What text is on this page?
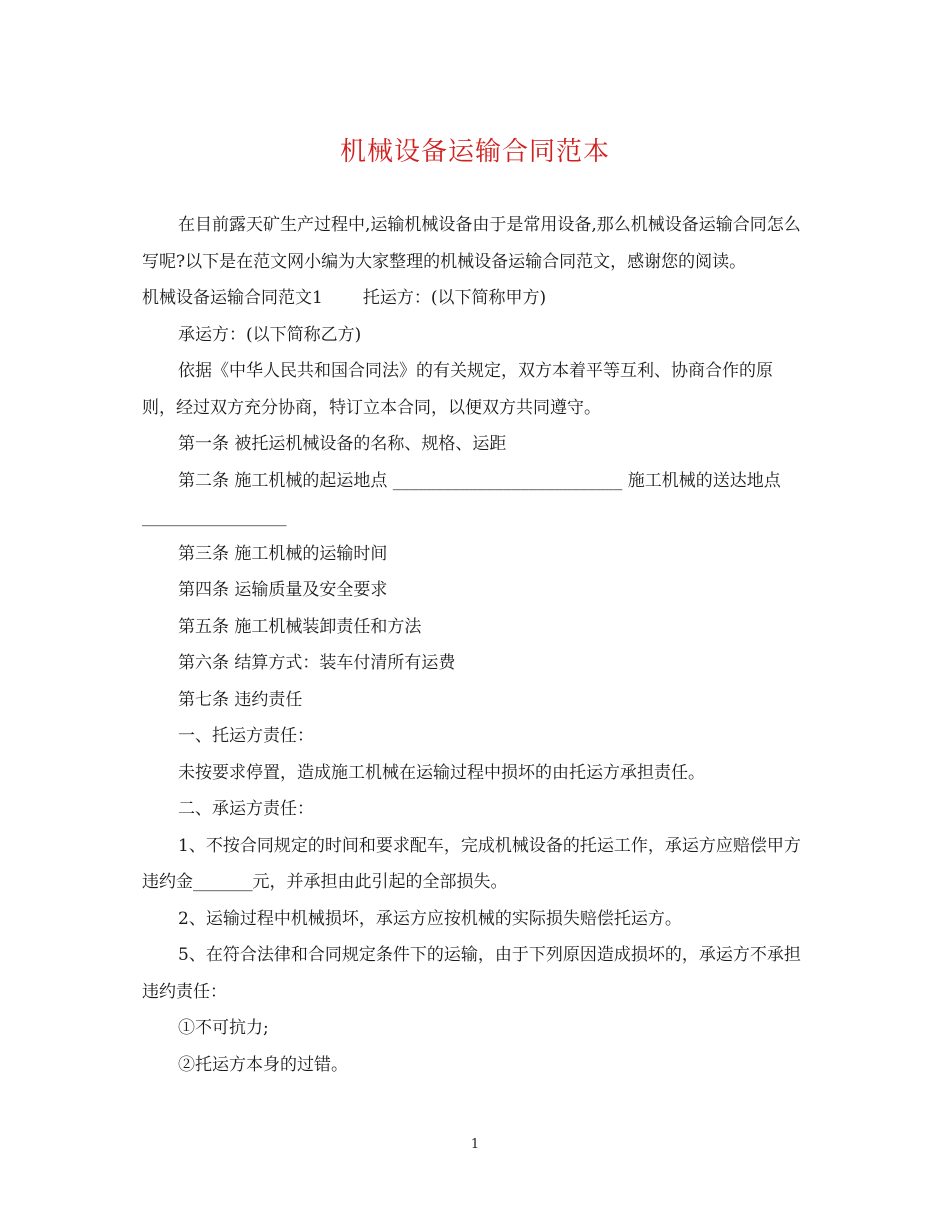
机械设备运输合同范本

在目前露天矿生产过程中,运输机械设备由于是常用设备,那么机械设备运输合同怎么写呢?以下是在范文网小编为大家整理的机械设备运输合同范文，感谢您的阅读。

机械设备运输合同范文1 托运方：(以下简称甲方)

承运方：(以下简称乙方)

依据《中华人民共和国合同法》的有关规定，双方本着平等互利、协商合作的原则，经过双方充分协商，特订立本合同，以便双方共同遵守。

第一条 被托运机械设备的名称、规格、运距

第二条 施工机械的起运地点 ___________________________ 施工机械的送达地点_________________

第三条 施工机械的运输时间

第四条 运输质量及安全要求

第五条 施工机械装卸责任和方法

第六条 结算方式：装车付清所有运费

第七条 违约责任

一、托运方责任：

未按要求停置，造成施工机械在运输过程中损坏的由托运方承担责任。

二、承运方责任：

1、不按合同规定的时间和要求配车，完成机械设备的托运工作，承运方应赔偿甲方违约金_______元，并承担由此引起的全部损失。

2、运输过程中机械损坏，承运方应按机械的实际损失赔偿托运方。

5、在符合法律和合同规定条件下的运输，由于下列原因造成损坏的，承运方不承担违约责任：

①不可抗力;

②托运方本身的过错。

1
